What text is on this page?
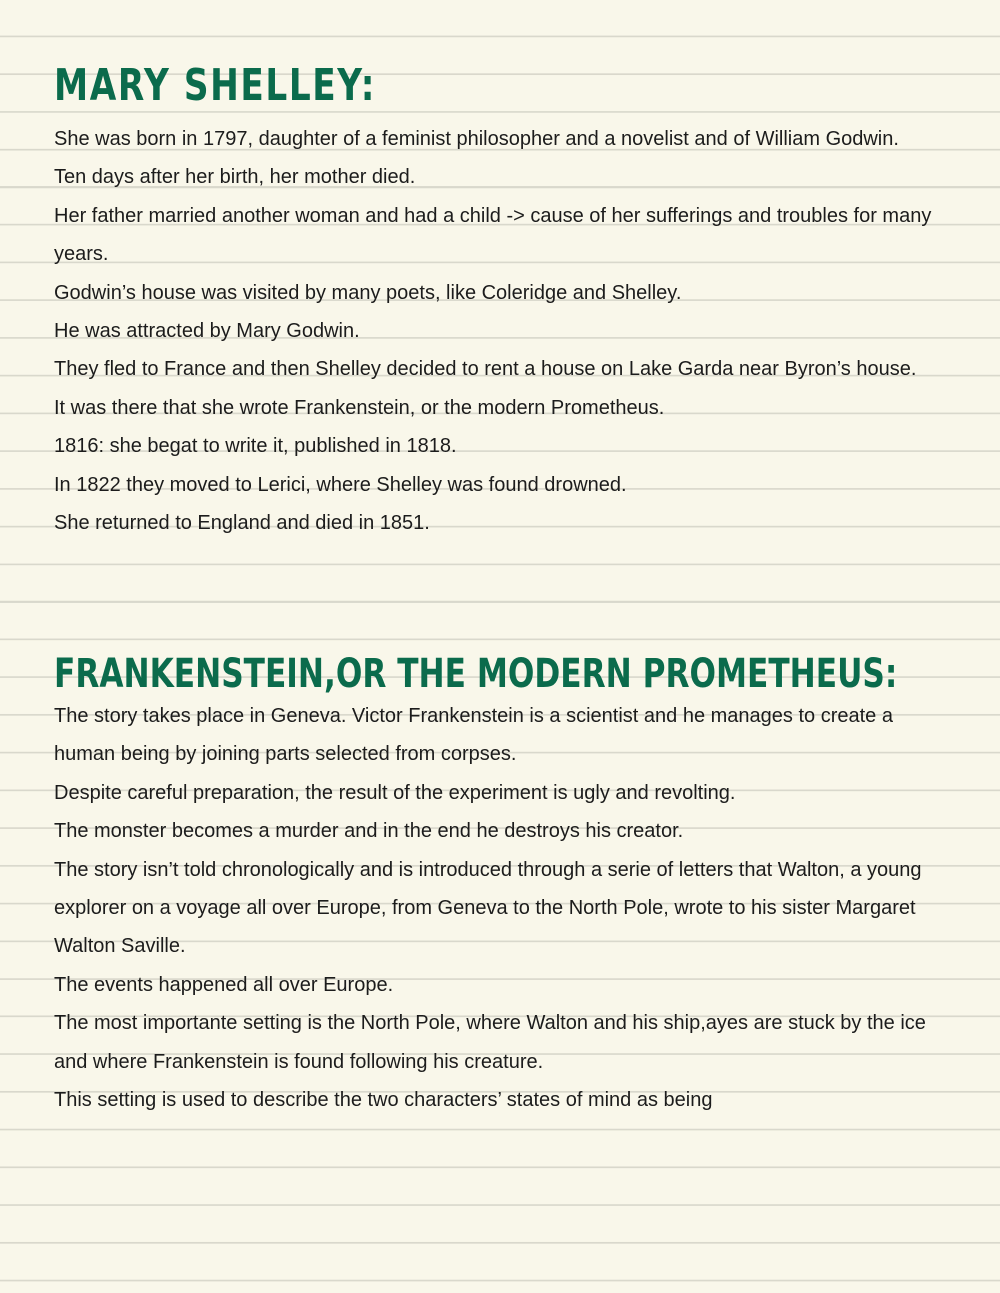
MARY SHELLEY:

She was born in 1797, daughter of a feminist philosopher and a novelist and of William Godwin.

Ten days after her birth, her mother died.

Her father married another woman and had a child -> cause of her sufferings and troubles for many years.

Godwin’s house was visited by many poets, like Coleridge and Shelley.

He was attracted by Mary Godwin.

They fled to France and then Shelley decided to rent a house on Lake Garda near Byron’s house.

It was there that she wrote Frankenstein, or the modern Prometheus.

1816: she begat to write it, published in 1818.

In 1822 they moved to Lerici, where Shelley was found drowned.

She returned to England and died in 1851.

FRANKENSTEIN,OR THE MODERN PROMETHEUS:

The story takes place in Geneva. Victor Frankenstein is a scientist and he manages to create a human being by joining parts selected from corpses.

Despite careful preparation, the result of the experiment is ugly and revolting.

The monster becomes a murder and in the end he destroys his creator.

The story isn’t told chronologically and is introduced through a serie of letters that Walton, a young explorer on a voyage all over Europe, from Geneva to the North Pole, wrote to his sister Margaret Walton Saville.

The events happened all over Europe.

The most importante setting is the North Pole, where Walton and his ship,ayes are stuck by the ice and where Frankenstein is found following his creature.

This setting is used to describe the two characters’ states of mind as being
